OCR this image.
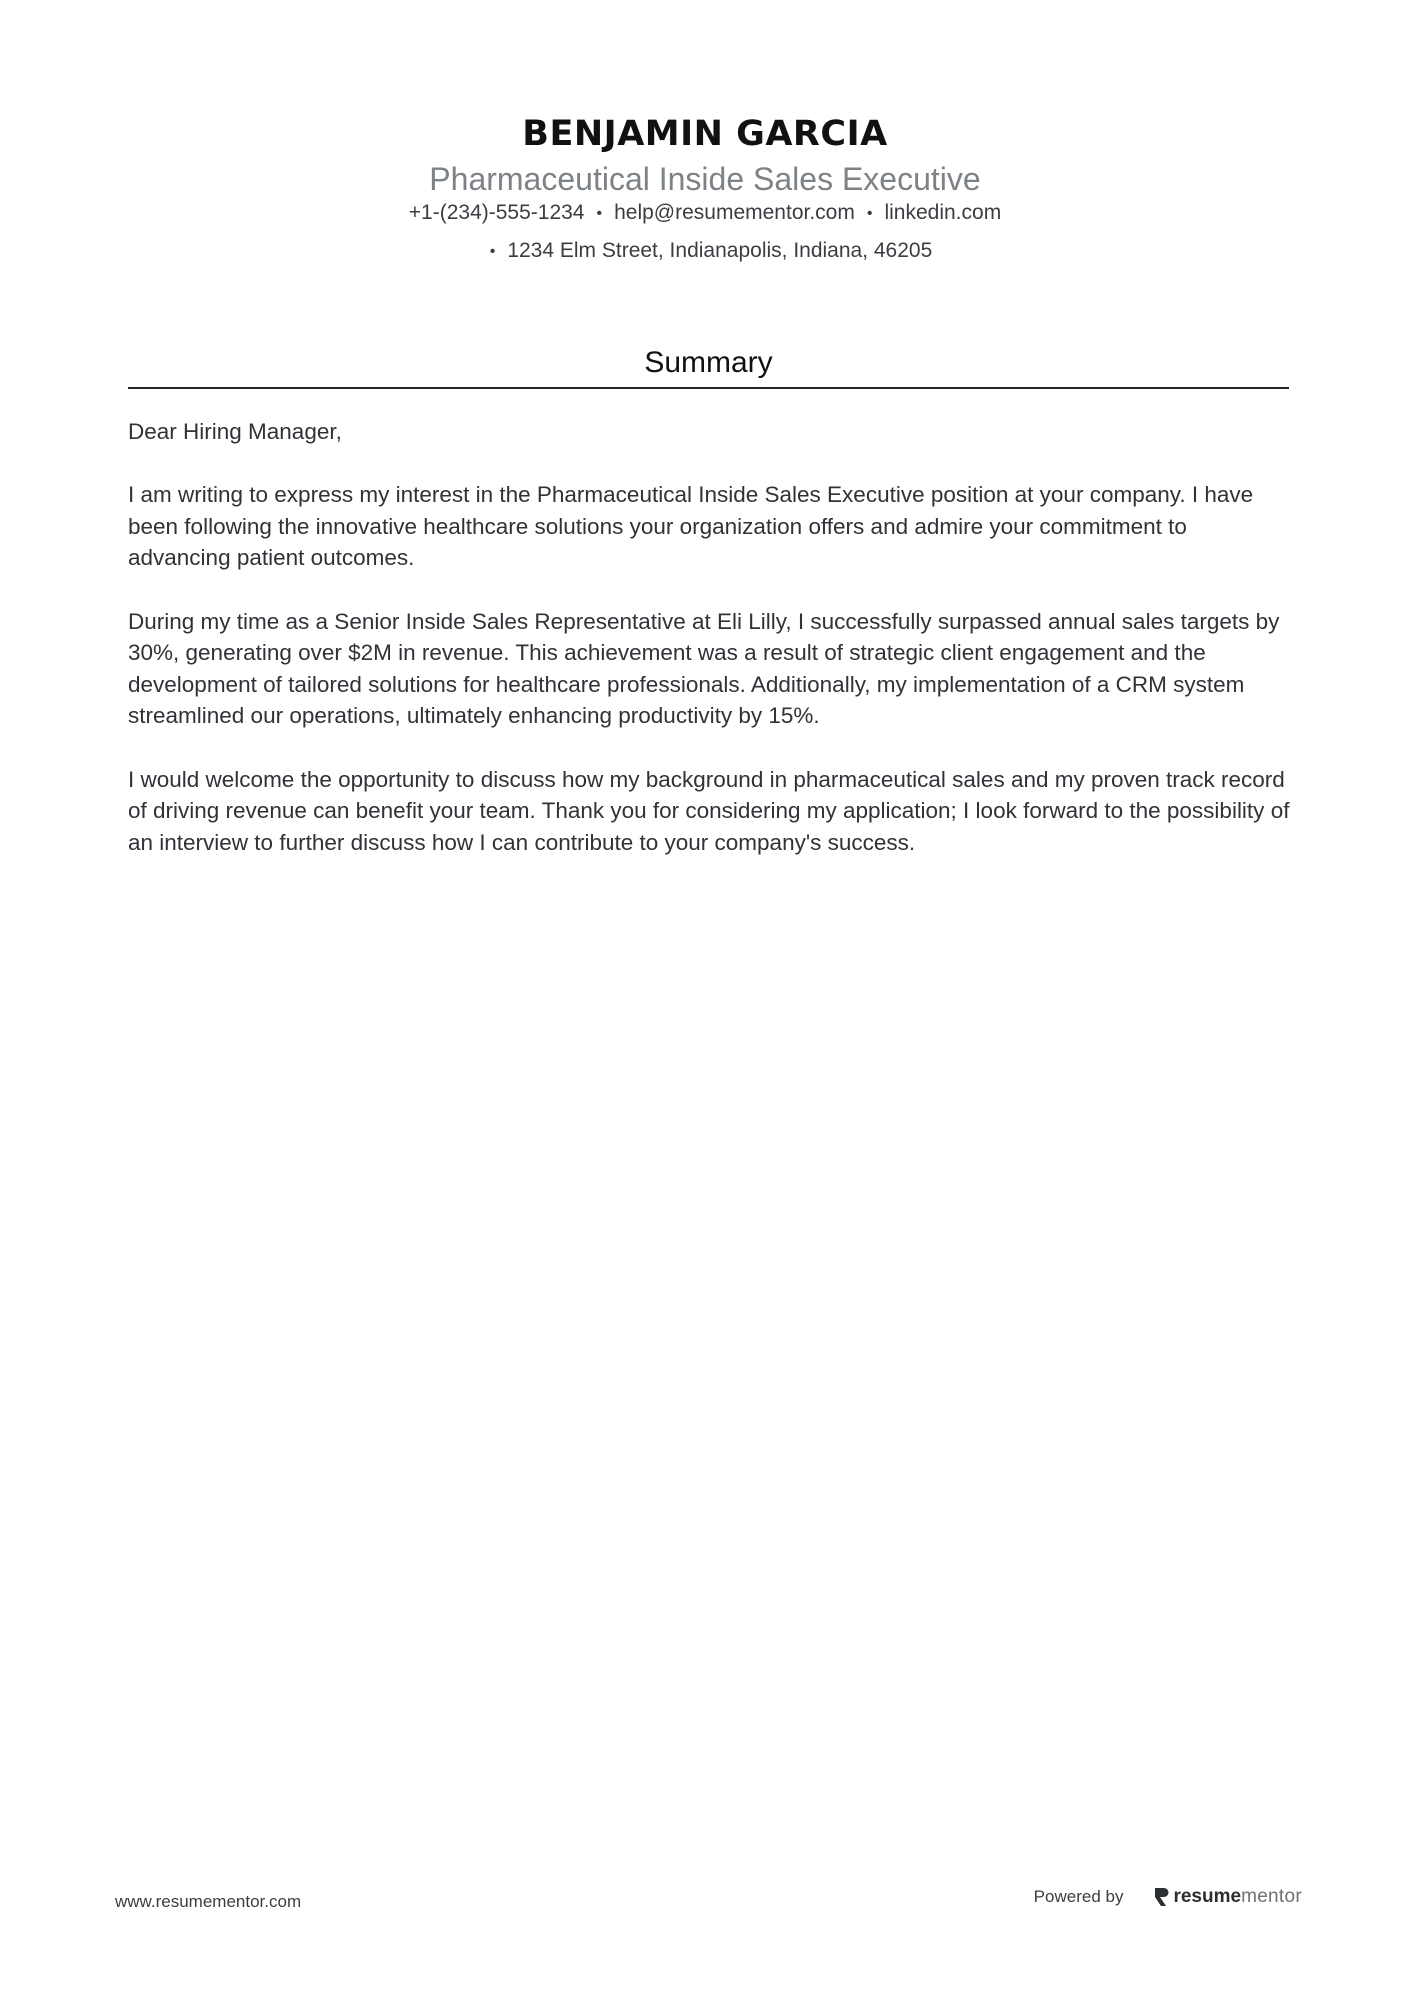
BENJAMIN GARCIA
Pharmaceutical Inside Sales Executive
+1-(234)-555-1234 • help@resumementor.com • linkedin.com
• 1234 Elm Street, Indianapolis, Indiana, 46205
Summary

Dear Hiring Manager,

I am writing to express my interest in the Pharmaceutical Inside Sales Executive position at your company. I have been following the innovative healthcare solutions your organization offers and admire your commitment to advancing patient outcomes.

During my time as a Senior Inside Sales Representative at Eli Lilly, I successfully surpassed annual sales targets by 30%, generating over $2M in revenue. This achievement was a result of strategic client engagement and the development of tailored solutions for healthcare professionals. Additionally, my implementation of a CRM system streamlined our operations, ultimately enhancing productivity by 15%.

I would welcome the opportunity to discuss how my background in pharmaceutical sales and my proven track record of driving revenue can benefit your team. Thank you for considering my application; I look forward to the possibility of an interview to further discuss how I can contribute to your company's success.

www.resumementor.com	Powered by	resume mentor
